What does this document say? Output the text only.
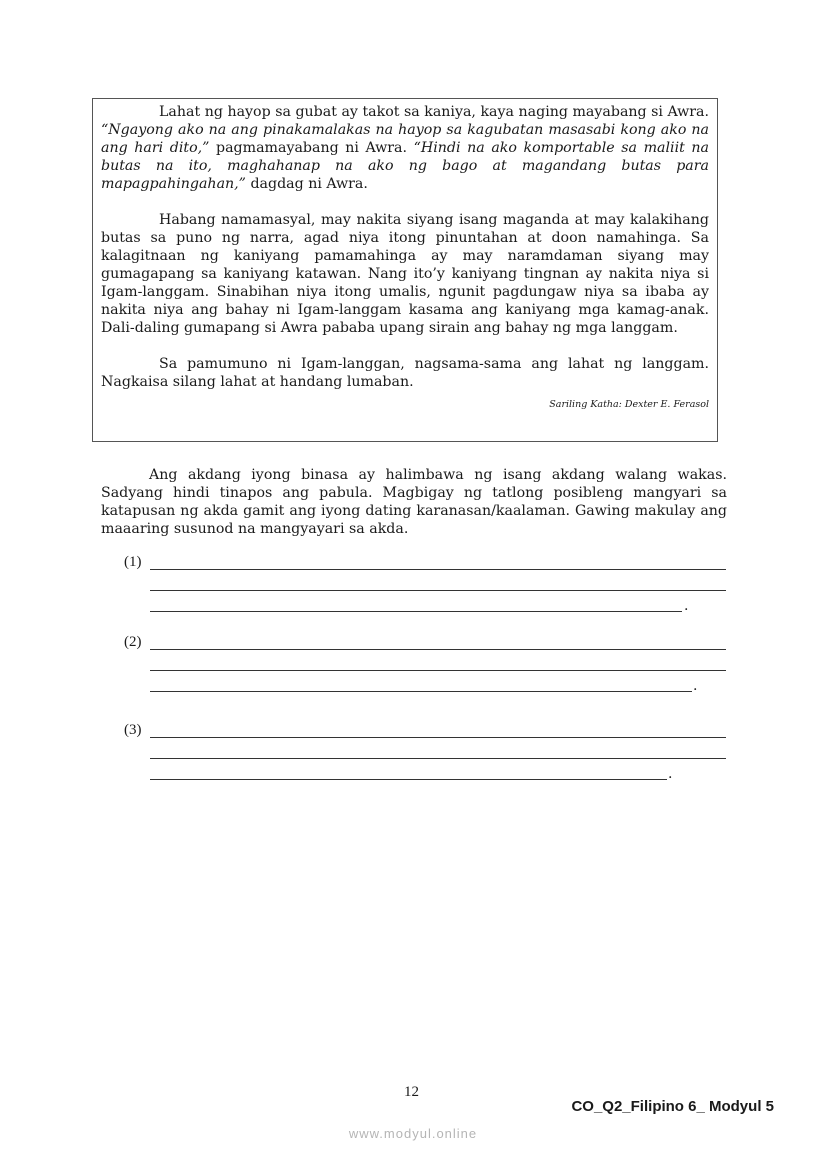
Lahat ng hayop sa gubat ay takot sa kaniya, kaya naging mayabang si Awra. “Ngayong ako na ang pinakamalakas na hayop sa kagubatan masasabi kong ako na ang hari dito,” pagmamayabang ni Awra. “Hindi na ako komportable sa maliit na butas na ito, maghahanap na ako ng bago at magandang butas para mapagpahingahan,” dagdag ni Awra.

Habang namamasyal, may nakita siyang isang maganda at may kalakihang butas sa puno ng narra, agad niya itong pinuntahan at doon namahinga. Sa kalagitnaan ng kaniyang pamamahinga ay may naramdaman siyang may gumagapang sa kaniyang katawan. Nang ito’y kaniyang tingnan ay nakita niya si Igam-langgam. Sinabihan niya itong umalis, ngunit pagdungaw niya sa ibaba ay nakita niya ang bahay ni Igam-langgam kasama ang kaniyang mga kamag-anak. Dali-daling gumapang si Awra pababa upang sirain ang bahay ng mga langgam.

Sa pamumuno ni Igam-langgan, nagsama-sama ang lahat ng langgam. Nagkaisa silang lahat at handang lumaban.

Sariling Katha: Dexter E. Ferasol

Ang akdang iyong binasa ay halimbawa ng isang akdang walang wakas. Sadyang hindi tinapos ang pabula. Magbigay ng tatlong posibleng mangyari sa katapusan ng akda gamit ang iyong dating karanasan/kaalaman. Gawing makulay ang maaaring susunod na mangyayari sa akda.

(1)
.
(2)
.
(3)
.
12
CO_Q2_Filipino 6_ Modyul 5
www.modyul.online
